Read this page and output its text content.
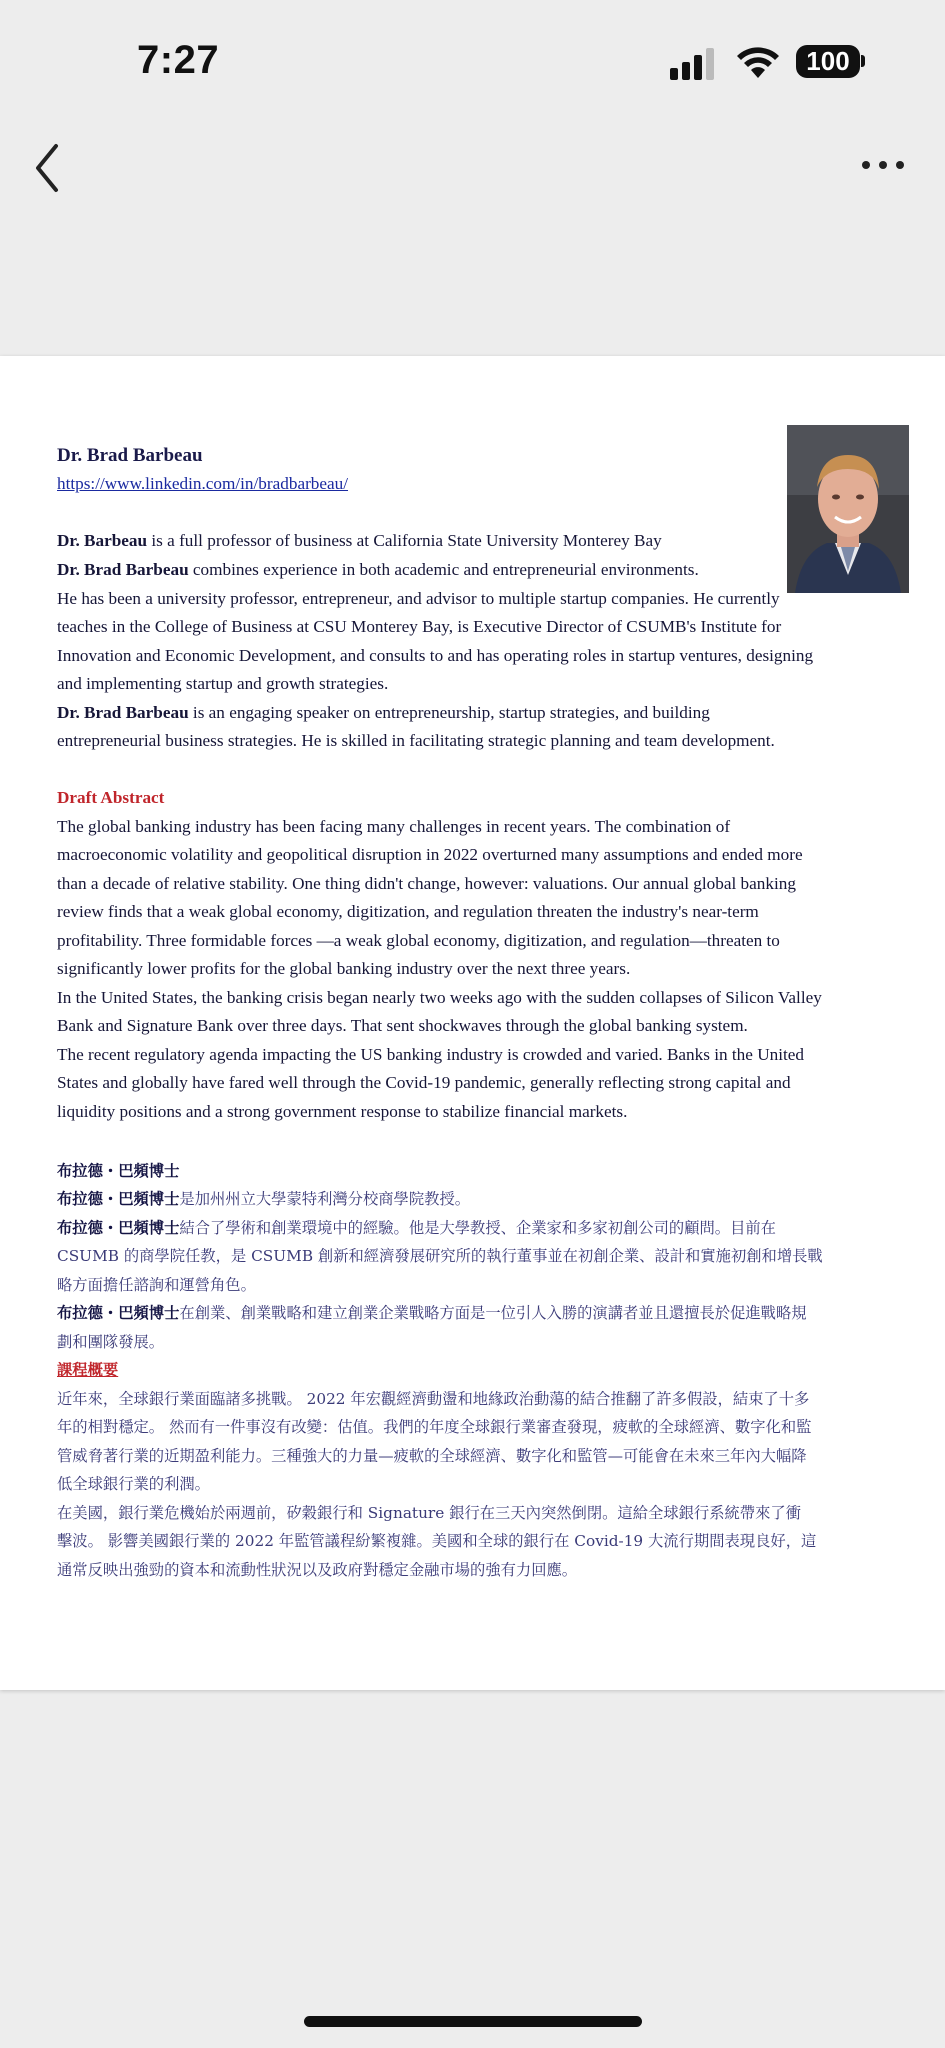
7:27	100
Dr. Brad Barbeau
https://www.linkedin.com/in/bradbarbeau/
Dr. Barbeau is a full professor of business at California State University Monterey Bay
Dr. Brad Barbeau combines experience in both academic and entrepreneurial environments.
He has been a university professor, entrepreneur, and advisor to multiple startup companies. He currently
teaches in the College of Business at CSU Monterey Bay, is Executive Director of CSUMB's Institute for
Innovation and Economic Development, and consults to and has operating roles in startup ventures, designing
and implementing startup and growth strategies.
Dr. Brad Barbeau is an engaging speaker on entrepreneurship, startup strategies, and building
entrepreneurial business strategies. He is skilled in facilitating strategic planning and team development.
Draft Abstract
The global banking industry has been facing many challenges in recent years. The combination of
macroeconomic volatility and geopolitical disruption in 2022 overturned many assumptions and ended more
than a decade of relative stability. One thing didn't change, however: valuations. Our annual global banking
review finds that a weak global economy, digitization, and regulation threaten the industry's near-term
profitability. Three formidable forces —a weak global economy, digitization, and regulation—threaten to
significantly lower profits for the global banking industry over the next three years.
In the United States, the banking crisis began nearly two weeks ago with the sudden collapses of Silicon Valley
Bank and Signature Bank over three days. That sent shockwaves through the global banking system.
The recent regulatory agenda impacting the US banking industry is crowded and varied. Banks in the United
States and globally have fared well through the Covid-19 pandemic, generally reflecting strong capital and
liquidity positions and a strong government response to stabilize financial markets.
布拉德・巴頻博士
布拉德・巴頻博士是加州州立大學蒙特利灣分校商學院教授。
布拉德・巴頻博士結合了學術和創業環境中的經驗。他是大學教授、企業家和多家初創公司的顧問。目前在
CSUMB 的商學院任教，是 CSUMB 創新和經濟發展研究所的執行董事並在初創企業、設計和實施初創和增長戰
略方面擔任諮詢和運營角色。
布拉德・巴頻博士在創業、創業戰略和建立創業企業戰略方面是一位引人入勝的演講者並且還擅長於促進戰略規
劃和團隊發展。
課程概要
近年來，全球銀行業面臨諸多挑戰。 2022 年宏觀經濟動盪和地緣政治動蕩的結合推翻了許多假設，結束了十多
年的相對穩定。 然而有一件事沒有改變：估值。我們的年度全球銀行業審查發現，疲軟的全球經濟、數字化和監
管威脅著行業的近期盈利能力。三種強大的力量—疲軟的全球經濟、數字化和監管—可能會在未來三年內大幅降
低全球銀行業的利潤。
在美國，銀行業危機始於兩週前，矽穀銀行和 Signature 銀行在三天內突然倒閉。這給全球銀行系統帶來了衝
擊波。 影響美國銀行業的 2022 年監管議程紛繁複雜。美國和全球的銀行在 Covid-19 大流行期間表現良好，這
通常反映出強勁的資本和流動性狀況以及政府對穩定金融市場的強有力回應。
